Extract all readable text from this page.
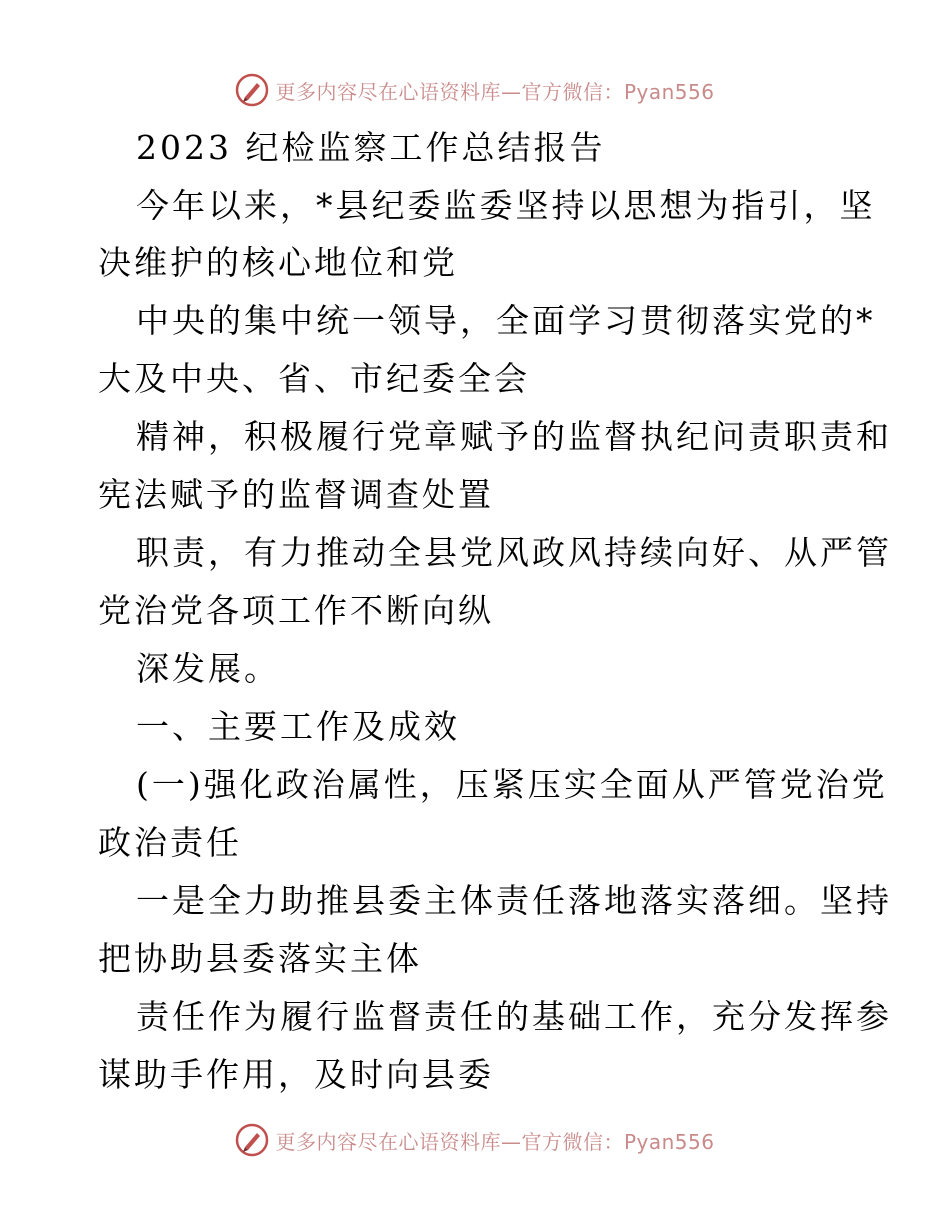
更多内容尽在心语资料库—官方微信：Pyan556
2023 纪检监察工作总结报告
今年以来，*县纪委监委坚持以思想为指引，坚
决维护的核心地位和党
中央的集中统一领导，全面学习贯彻落实党的*
大及中央、省、市纪委全会
精神，积极履行党章赋予的监督执纪问责职责和
宪法赋予的监督调查处置
职责，有力推动全县党风政风持续向好、从严管
党治党各项工作不断向纵
深发展。
一、主要工作及成效
(一)强化政治属性，压紧压实全面从严管党治党
政治责任
一是全力助推县委主体责任落地落实落细。坚持
把协助县委落实主体
责任作为履行监督责任的基础工作，充分发挥参
谋助手作用，及时向县委
更多内容尽在心语资料库—官方微信：Pyan556
